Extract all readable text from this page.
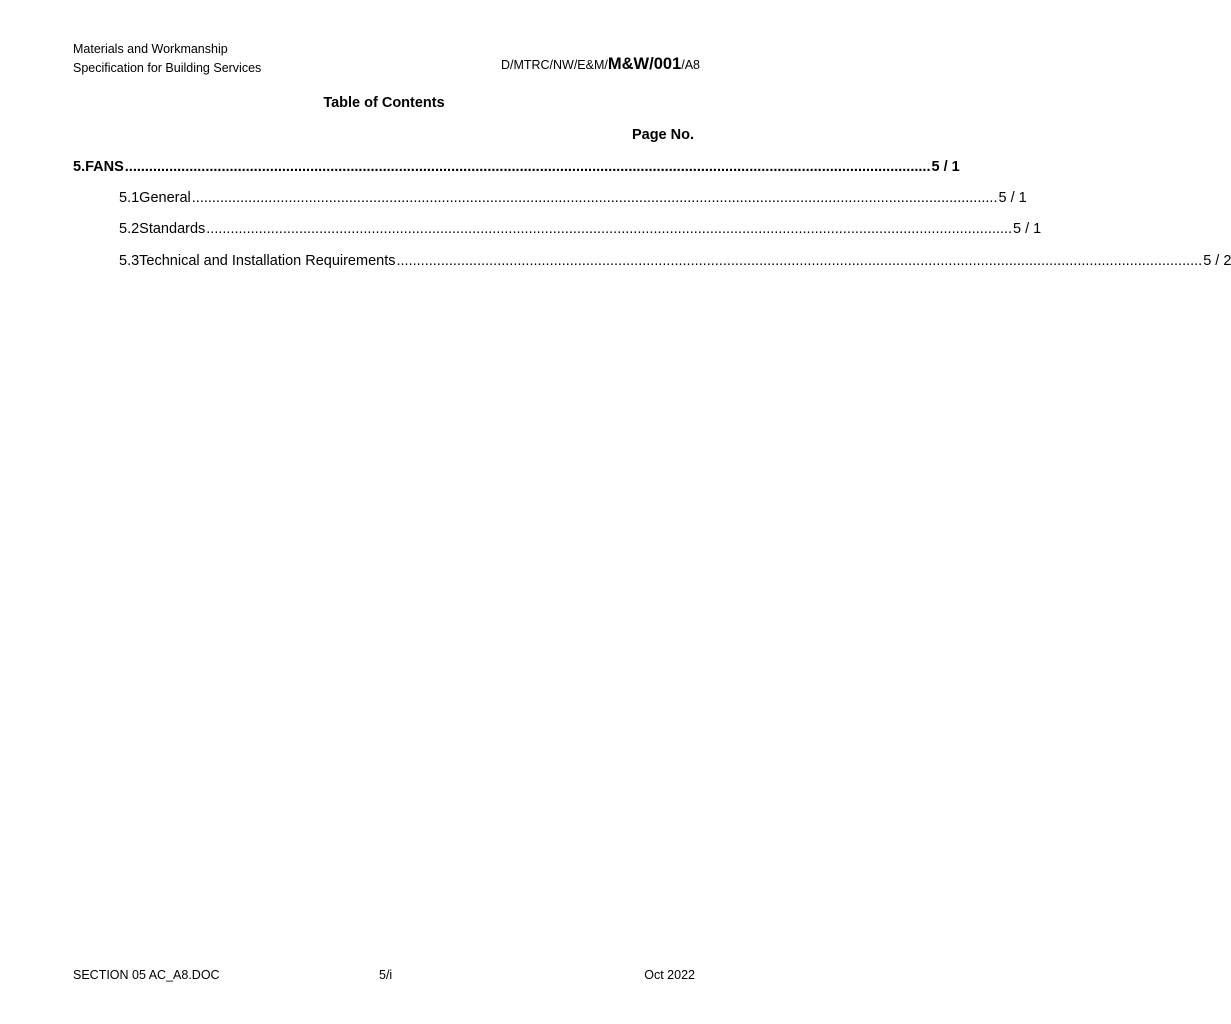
Materials and Workmanship
Specification for Building Services	D/MTRC/NW/E&M/M&W/001/A8
Table of Contents
Page No.
5. FANS ........................................................................................................................................................................................................ 5 / 1
5.1 General ........................................................................................................................................................................................................ 5 / 1
5.2 Standards ........................................................................................................................................................................................................ 5 / 1
5.3 Technical and Installation Requirements ........................................................................................................................................................................................................ 5 / 2
SECTION 05 AC_A8.DOC	5/i	Oct 2022
